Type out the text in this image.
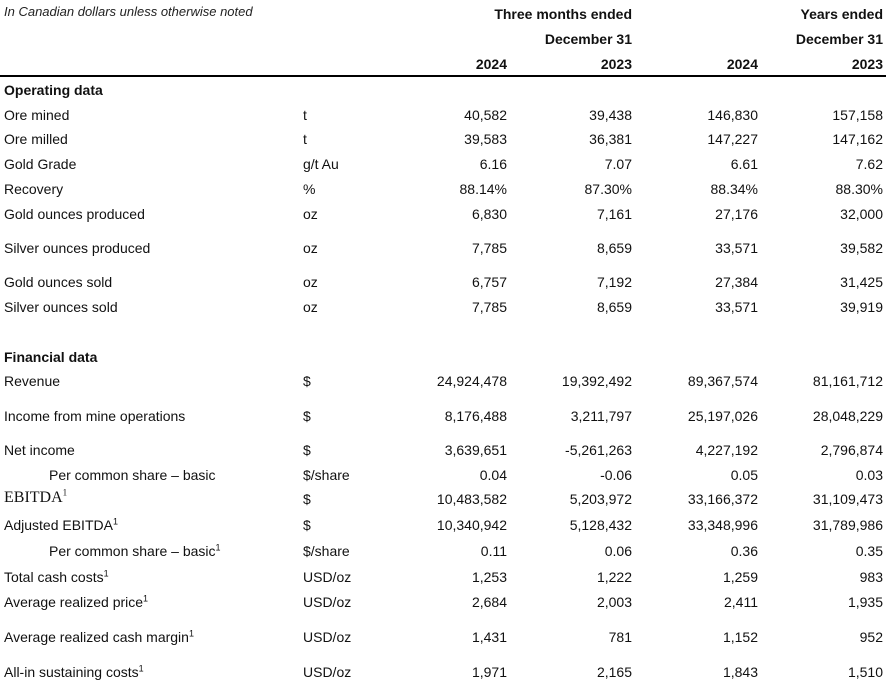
In Canadian dollars unless otherwise noted	Three months ended
December 31
Years ended
December 31
2024	2023	2024	2023
Operating data
Ore mined	t	40,582	39,438	146,830	157,158
Ore milled	t	39,583	36,381	147,227	147,162
Gold Grade	g/t Au	6.16	7.07	6.61	7.62
Recovery	%	88.14%	87.30%	88.34%	88.30%
Gold ounces produced	oz	6,830	7,161	27,176	32,000
Silver ounces produced	oz	7,785	8,659	33,571	39,582
Gold ounces sold	oz	6,757	7,192	27,384	31,425
Silver ounces sold	oz	7,785	8,659	33,571	39,919
Financial data
Revenue	$	24,924,478	19,392,492	89,367,574	81,161,712
Income from mine operations	$	8,176,488	3,211,797	25,197,026	28,048,229
Net income	$	3,639,651	-5,261,263	4,227,192	2,796,874
Per common share – basic	$/share	0.04	-0.06	0.05	0.03
EBITDA$^1$	$	10,483,582	5,203,972	33,166,372	31,109,473
Adjusted EBITDA$^1$	$	10,340,942	5,128,432	33,348,996	31,789,986
Per common share – basic$^1$	$/share	0.11	0.06	0.36	0.35
Total cash costs$^1$	USD/oz	1,253	1,222	1,259	983
Average realized price$^1$	USD/oz	2,684	2,003	2,411	1,935
Average realized cash margin$^1$	USD/oz	1,431	781	1,152	952
All-in sustaining costs$^1$	USD/oz	1,971	2,165	1,843	1,510
